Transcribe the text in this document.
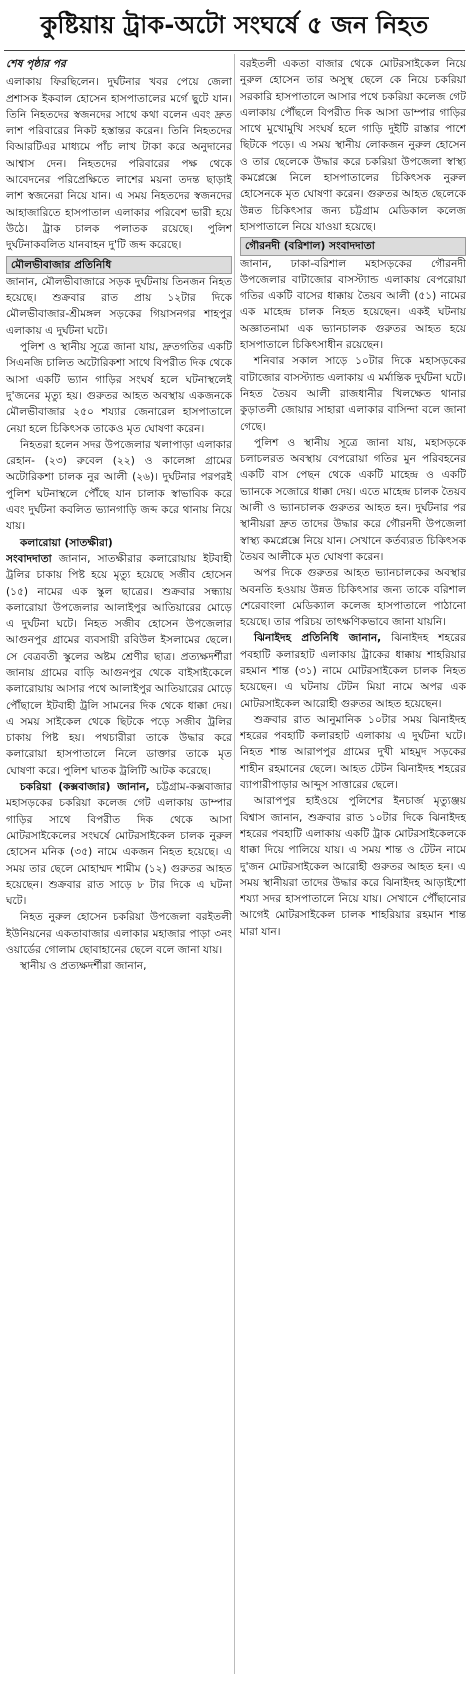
কুষ্টিয়ায় ট্রাক-অটো সংঘর্ষে ৫ জন নিহত

শেষ পৃষ্ঠার পর

এলাকায় ফিরছিলেন। দুর্ঘটনার খবর পেয়ে জেলা প্রশাসক ইকবাল হোসেন হাসপাতালের মর্গে ছুটে যান। তিনি নিহতদের স্বজনদের সাথে কথা বলেন এবং দ্রুত লাশ পরিবারের নিকট হস্তান্তর করেন। তিনি নিহতদের বিআরটিএর মাধ্যমে পাঁচ লাখ টাকা করে অনুদানের আশ্বাস দেন। নিহতদের পরিবারের পক্ষ থেকে আবেদনের পরিপ্রেক্ষিতে লাশের ময়না তদন্ত ছাড়াই লাশ স্বজনেরা নিয়ে যান। এ সময় নিহতদের স্বজনদের আহাজারিতে হাসপাতাল এলাকার পরিবেশ ভারী হয়ে উঠে। ট্রাক চালক পলাতক রয়েছে। পুলিশ দুর্ঘটনাকবলিত যানবাহন দু'টি জব্দ করেছে।

মৌলভীবাজার প্রতিনিধি

জানান, মৌলভীবাজারে সড়ক দুর্ঘটনায় তিনজন নিহত হয়েছে। শুক্রবার রাত প্রায় ১২টার দিকে মৌলভীবাজার-শ্রীমঙ্গল সড়কের গিয়াসনগর শাহপুর এলাকায় এ দুর্ঘটনা ঘটে।

পুলিশ ও স্থানীয় সূত্রে জানা যায়, দ্রুতগতির একটি সিএনজি চালিত অটোরিকশা সাথে বিপরীত দিক থেকে আসা একটি ভ্যান গাড়ির সংঘর্ষ হলে ঘটনাস্থলেই দু'জনের মৃত্যু হয়। গুরুতর আহত অবস্থায় একজনকে মৌলভীবাজার ২৫০ শয্যার জেনারেল হাসপাতালে নেয়া হলে চিকিৎসক তাকেও মৃত ঘোষণা করেন।

নিহতরা হলেন সদর উপজেলার খলাপাড়া এলাকার রেহান- (২৩) রুবেল (২২) ও কালেঙ্গা গ্রামের অটোরিকশা চালক নুর আলী (২৬)। দুর্ঘটনার পরপরই পুলিশ ঘটনাস্থলে পৌঁছে যান চালাক স্বাভাবিক করে এবং দুর্ঘটনা কবলিত ভ্যানগাড়ি জব্দ করে থানায় নিয়ে যায়।

কলারোয়া (সাতক্ষীরা)

সংবাদদাতা জানান, সাতক্ষীরার কলারোয়ায় ইটবাহী ট্রলির চাকায় পিষ্ট হয়ে মৃত্যু হয়েছে সজীব হোসেন (১৫) নামের এক স্কুল ছাত্রের। শুক্রবার সন্ধ্যায় কলারোয়া উপজেলার আলাইপুর আতিয়ারের মোড়ে এ দুর্ঘটনা ঘটে। নিহত সজীব হোসেন উপজেলার আগুনপুর গ্রামের ব্যবসায়ী রবিউল ইসলামের ছেলে। সে বেত্রবতী স্কুলের অষ্টম শ্রেণীর ছাত্র। প্রত্যক্ষদর্শীরা জানায় গ্রামের বাড়ি আগুনপুর থেকে বাইসাইকেলে কলারোয়ায় আসার পথে আলাইপুর আতিয়ারের মোড়ে পৌঁছালে ইটবাহী ট্রলি সামনের দিক থেকে ধাক্কা দেয়। এ সময় সাইকেল থেকে ছিটকে পড়ে সজীব ট্রলির চাকায় পিষ্ট হয়। পথচারীরা তাকে উদ্ধার করে কলারোয়া হাসপাতালে নিলে ডাক্তার তাকে মৃত ঘোষণা করে। পুলিশ ঘাতক ট্রলিটি আটক করেছে।

চকরিয়া (কক্সবাজার) জানান, চট্টগ্রাম-কক্সবাজার মহাসড়কের চকরিয়া কলেজ গেট এলাকায় ডাম্পার গাড়ির সাথে বিপরীত দিক থেকে আসা মোটরসাইকেলের সংঘর্ষে মোটরসাইকেল চালক নুরুল হোসেন মনিক (৩৫) নামে একজন নিহত হয়েছে। এ সময় তার ছেলে মোহাম্মদ শামীম (১২) গুরুতর আহত হয়েছেন। শুক্রবার রাত সাড়ে ৮ টার দিকে এ ঘটনা ঘটে।

নিহত নুরুল হোসেন চকরিয়া উপজেলা বরইতলী ইউনিয়নের একতাবাজার এলাকার মহাজার পাড়া ৩নং ওয়ার্ডের গোলাম ছোবাহানের ছেলে বলে জানা যায়।

স্থানীয় ও প্রত্যক্ষদর্শীরা জানান,

বরইতলী একতা বাজার থেকে মোটরসাইকেল নিয়ে নুরুল হোসেন তার অসুস্থ ছেলে কে নিয়ে চকরিয়া সরকারি হাসপাতালে আসার পথে চকরিয়া কলেজ গেট এলাকায় পৌঁছলে বিপরীত দিক আসা ডাম্পার গাড়ির সাথে মুখোমুখি সংঘর্ষ হলে গাড়ি দুইটি রাস্তার পাশে ছিটকে পড়ে। এ সময় স্থানীয় লোকজন নুরুল হোসেন ও তার ছেলেকে উদ্ধার করে চকরিয়া উপজেলা স্বাস্থ্য কমপ্লেক্সে নিলে হাসপাতালের চিকিৎসক নুরুল হোসেনকে মৃত ঘোষণা করেন। গুরুতর আহত ছেলেকে উন্নত চিকিৎসার জন্য চট্টগ্রাম মেডিকাল কলেজ হাসপাতালে নিয়ে যাওয়া হয়েছে।

গৌরনদী (বরিশাল) সংবাদদাতা

জানান, ঢাকা-বরিশাল মহাসড়কের গৌরনদী উপজেলার বাটাজোর বাসস্ট্যান্ড এলাকায় বেপরোয়া গতির একটি বাসের ধাক্কায় তৈয়ব আলী (৫১) নামের এক মাহেন্দ্র চালক নিহত হয়েছেন। একই ঘটনায় অজ্ঞাতনামা এক ভ্যানচালক গুরুতর আহত হয়ে হাসপাতালে চিকিৎসাধীন রয়েছেন।

শনিবার সকাল সাড়ে ১০টার দিকে মহাসড়কের বাটাজোর বাসস্ট্যান্ড এলাকায় এ মর্মান্তিক দুর্ঘটনা ঘটে। নিহত তৈয়ব আলী রাজধানীর খিলক্ষেত থানার কুড়াতলী জোয়ার সাহারা এলাকার বাসিন্দা বলে জানা গেছে।

পুলিশ ও স্থানীয় সূত্রে জানা যায়, মহাসড়কে চলাচলরত অবস্থায় বেপরোয়া গতির মুন পরিবহনের একটি বাস পেছন থেকে একটি মাহেন্দ্র ও একটি ভ্যানকে সজোরে ধাক্কা দেয়। এতে মাহেন্দ্র চালক তৈয়ব আলী ও ভ্যানচালক গুরুতর আহত হন। দুর্ঘটনার পর স্থানীয়রা দ্রুত তাদের উদ্ধার করে গৌরনদী উপজেলা স্বাস্থ্য কমপ্লেক্সে নিয়ে যান। সেখানে কর্তব্যরত চিকিৎসক তৈয়ব আলীকে মৃত ঘোষণা করেন।

অপর দিকে গুরুতর আহত ভ্যানচালকের অবস্থার অবনতি হওয়ায় উন্নত চিকিৎসার জন্য তাকে বরিশাল শেরেবাংলা মেডিক্যাল কলেজ হাসপাতালে পাঠানো হয়েছে। তার পরিচয় তাৎক্ষণিকভাবে জানা যায়নি।

ঝিনাইদহ প্রতিনিধি জানান, ঝিনাইদহ শহরের পবহাটি কলারহাট এলাকায় ট্রাকের ধাক্কায় শাহরিয়ার রহমান শান্ত (৩১) নামে মোটরসাইকেল চালক নিহত হয়েছেন। এ ঘটনায় টেটন মিয়া নামে অপর এক মোটরসাইকেল আরোহী গুরুতর আহত হয়েছেন।

শুক্রবার রাত আনুমানিক ১০টার সময় ঝিনাইদহ শহরের পবহাটি কলারহাট এলাকায় এ দুর্ঘটনা ঘটে। নিহত শান্ত আরাপপুর গ্রামের দুখী মাহমুদ সড়কের শাহীন রহমানের ছেলে। আহত টেটন ঝিনাইদহ শহরের ব্যাপারীপাড়ার আব্দুস সাত্তারের ছেলে।

আরাপপুর হাইওয়ে পুলিশের ইনচার্জ মৃত্যুঞ্জয় বিশ্বাস জানান, শুক্রবার রাত ১০টার দিকে ঝিনাইদহ শহরের পবহাটি এলাকায় একটি ট্রাক মোটরসাইকেলকে ধাক্কা দিয়ে পালিয়ে যায়। এ সময় শান্ত ও টেটন নামে দু'জন মোটরসাইকেল আরোহী গুরুতর আহত হন। এ সময় স্থানীয়রা তাদের উদ্ধার করে ঝিনাইদহ আড়াইশো শয্যা সদর হাসপাতালে নিয়ে যায়। সেখানে পৌঁছানোর আগেই মোটরসাইকেল চালক শাহরিয়ার রহমান শান্ত মারা যান।
